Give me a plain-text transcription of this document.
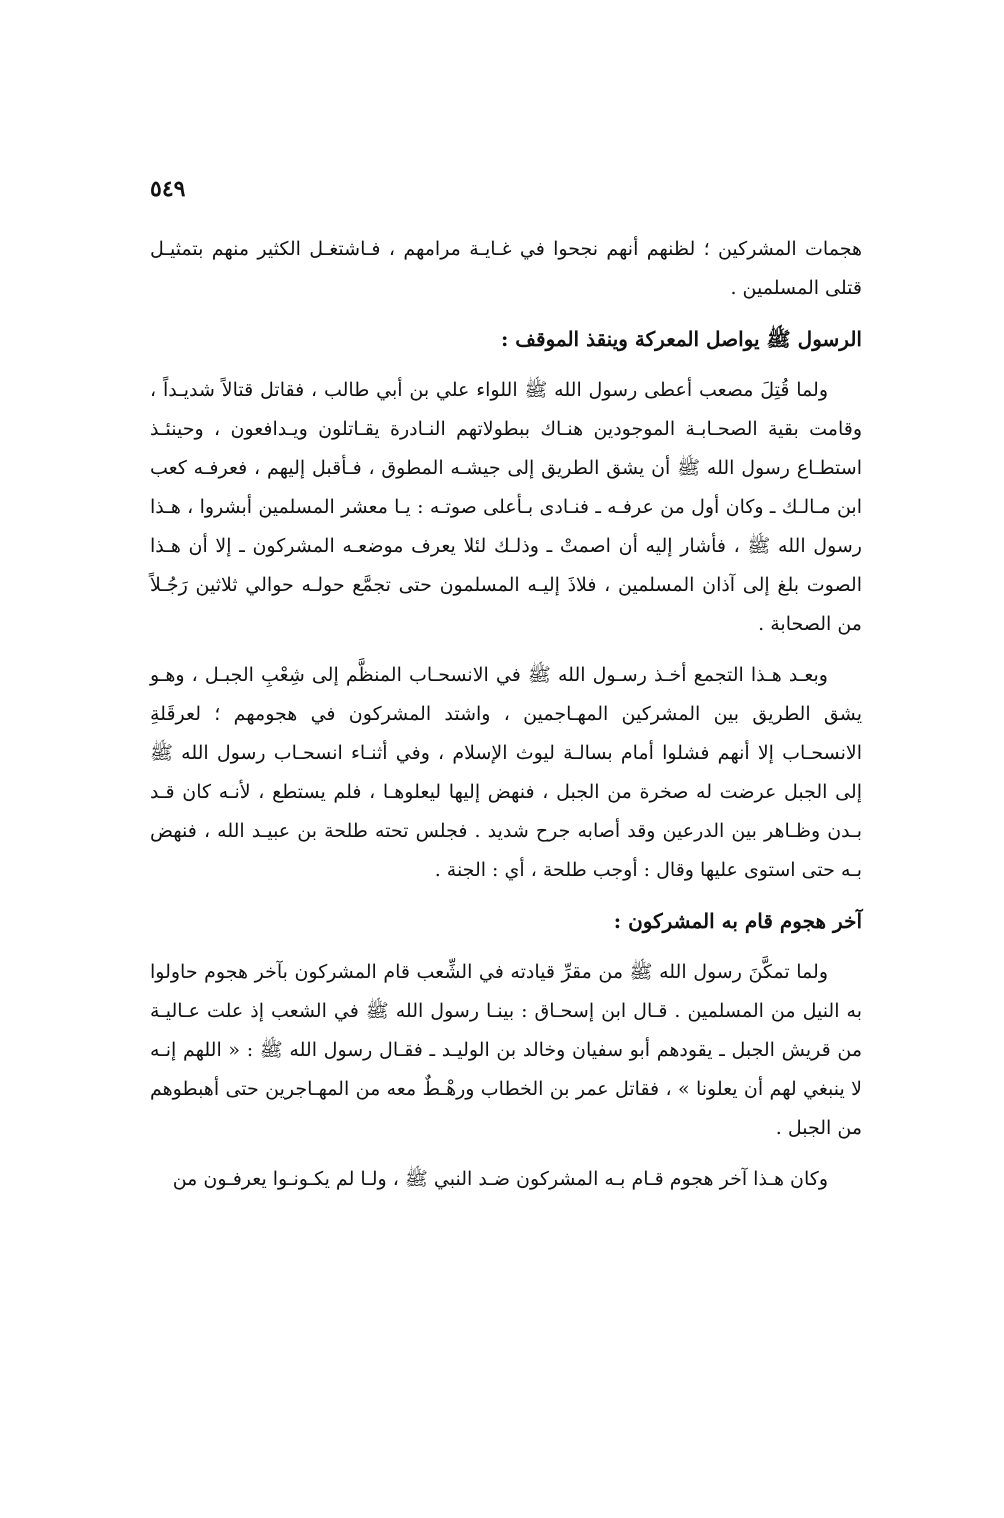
٥٤٩

هجمات المشركين ؛ لظنهم أنهم نجحوا في غـايـة مرامهم ، فـاشتغـل الكثير منهم بتمثيـل قتلى المسلمين .

الرسول ﷺ يواصل المعركة وينقذ الموقف :

ولما قُتِلَ مصعب أعطى رسول الله ﷺ اللواء علي بن أبي طالب ، فقاتل قتالاً شديـداً ، وقامت بقية الصحـابـة الموجودين هنـاك ببطولاتهم النـادرة يقـاتلون ويـدافعون ، وحينئـذ استطـاع رسول الله ﷺ أن يشق الطريق إلى جيشـه المطوق ، فـأقبل إليهم ، فعرفـه كعب ابن مـالـك ـ وكان أول من عرفـه ـ فنـادى بـأعلى صوتـه : يـا معشر المسلمين أبشروا ، هـذا رسول الله ﷺ ، فأشار إليه أن اصمتْ ـ وذلـك لئلا يعرف موضعـه المشركون ـ إلا أن هـذا الصوت بلغ إلى آذان المسلمين ، فلاذَ إليـه المسلمون حتى تجمَّع حولـه حوالي ثلاثين رَجُـلاً من الصحابة .

وبعـد هـذا التجمع أخـذ رسـول الله ﷺ في الانسحـاب المنظَّم إلى شِعْبِ الجبـل ، وهـو يشق الطريق بين المشركين المهـاجمين ، واشتد المشركون في هجومهم ؛ لعرقَلةِ الانسحـاب إلا أنهم فشلوا أمام بسالـة ليوث الإسلام ، وفي أثنـاء انسحـاب رسول الله ﷺ إلى الجبل عرضت له صخرة من الجبل ، فنهض إليها ليعلوهـا ، فلم يستطع ، لأنـه كان قـد بـدن وظـاهر بين الدرعين وقد أصابه جرح شديد . فجلس تحته طلحة بن عبيـد الله ، فنهض بـه حتى استوى عليها وقال : أوجب طلحة ، أي : الجنة .

آخر هجوم قام به المشركون :

ولما تمكَّنَ رسول الله ﷺ من مقرِّ قيادته في الشِّعب قام المشركون بآخر هجوم حاولوا به النيل من المسلمين . قـال ابن إسحـاق : بينـا رسول الله ﷺ في الشعب إذ علت عـاليـة من قريش الجبل ـ يقودهم أبو سفيان وخالد بن الوليـد ـ فقـال رسول الله ﷺ : « اللهم إنـه لا ينبغي لهم أن يعلونا » ، فقاتل عمر بن الخطاب ورهْـطٌ معه من المهـاجرين حتى أهبطوهم من الجبل .

وكان هـذا آخر هجوم قـام بـه المشركون ضـد النبي ﷺ ، ولـا لم يكـونـوا يعرفـون من
